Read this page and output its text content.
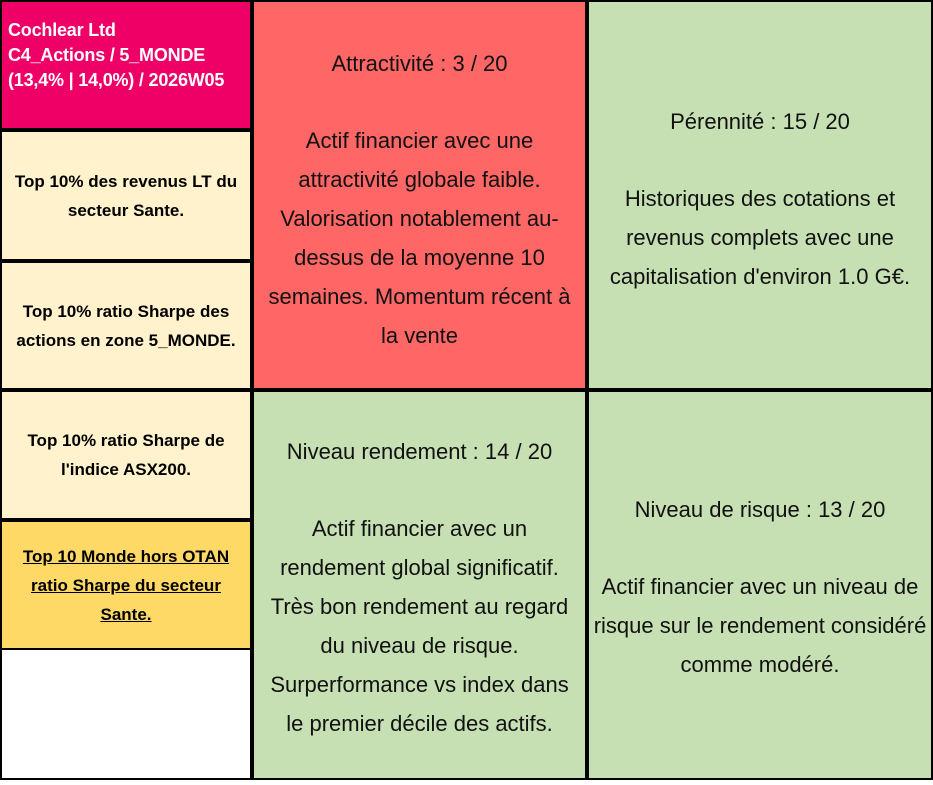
Cochlear Ltd
C4_Actions / 5_MONDE
(13,4% | 14,0%) / 2026W05
Top 10% des revenus LT du secteur Sante.
Top 10% ratio Sharpe des actions en zone 5_MONDE.
Top 10% ratio Sharpe de l'indice ASX200.
Top 10 Monde hors OTAN ratio Sharpe du secteur Sante.
Attractivité : 3 / 20
Actif financier avec une attractivité globale faible. Valorisation notablement au-dessus de la moyenne 10 semaines. Momentum récent à la vente
Pérennité : 15 / 20
Historiques des cotations et revenus complets avec une capitalisation d'environ 1.0 G€.
Niveau rendement : 14 / 20
Actif financier avec un rendement global significatif. Très bon rendement au regard du niveau de risque. Surperformance vs index dans le premier décile des actifs.
Niveau de risque : 13 / 20
Actif financier avec un niveau de risque sur le rendement considéré comme modéré.
